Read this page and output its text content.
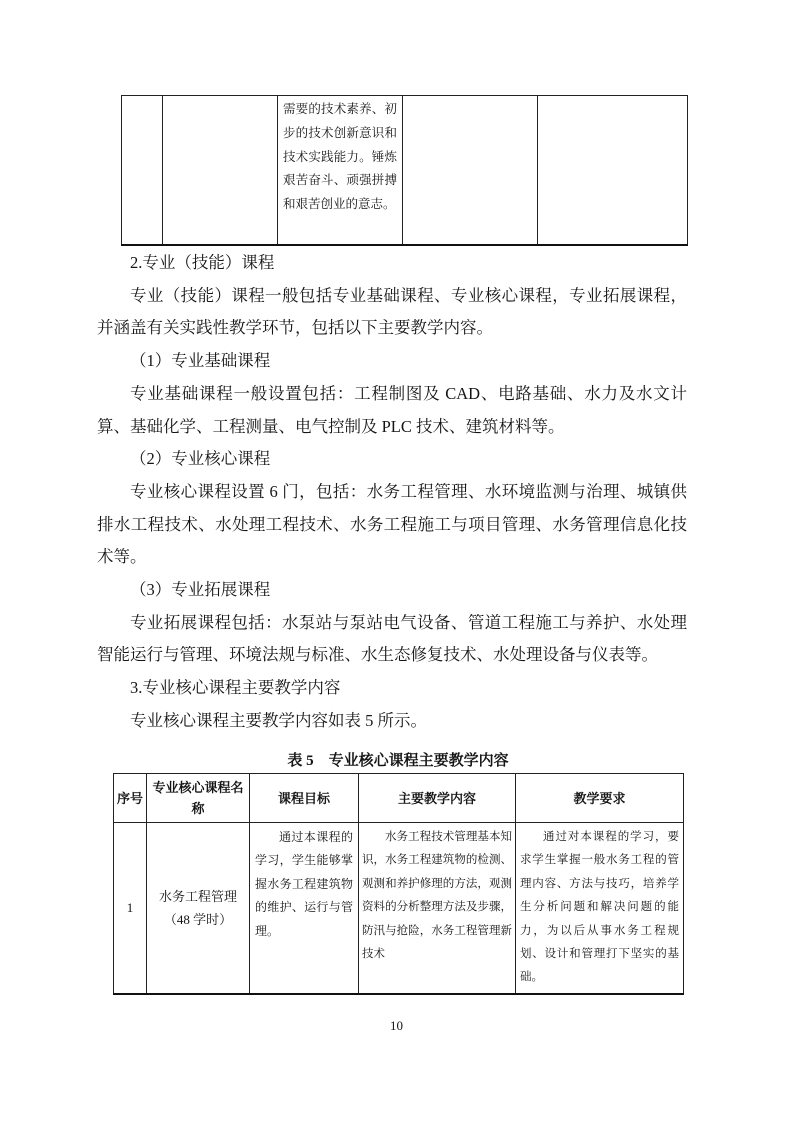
		需要的技术素养、初步的技术创新意识和技术实践能力。锤炼艰苦奋斗、顽强拼搏和艰苦创业的意志。		

2.专业（技能）课程

专业（技能）课程一般包括专业基础课程、专业核心课程，专业拓展课程，并涵盖有关实践性教学环节，包括以下主要教学内容。

（1）专业基础课程

专业基础课程一般设置包括：工程制图及 CAD、电路基础、水力及水文计算、基础化学、工程测量、电气控制及 PLC 技术、建筑材料等。

（2）专业核心课程

专业核心课程设置 6 门，包括：水务工程管理、水环境监测与治理、城镇供排水工程技术、水处理工程技术、水务工程施工与项目管理、水务管理信息化技术等。

（3）专业拓展课程

专业拓展课程包括：水泵站与泵站电气设备、管道工程施工与养护、水处理智能运行与管理、环境法规与标准、水生态修复技术、水处理设备与仪表等。

3.专业核心课程主要教学内容

专业核心课程主要教学内容如表 5 所示。

表 5　专业核心课程主要教学内容
序号	专业核心课程名称	课程目标	主要教学内容	教学要求
1	水务工程管理（48 学时）	通过本课程的学习，学生能够掌握水务工程建筑物的维护、运行与管理。	水务工程技术管理基本知识，水务工程建筑物的检测、观测和养护修理的方法，观测资料的分析整理方法及步骤，防汛与抢险，水务工程管理新技术	通过对本课程的学习，要求学生掌握一般水务工程的管理内容、方法与技巧，培养学生分析问题和解决问题的能力，为以后从事水务工程规划、设计和管理打下坚实的基础。
10
